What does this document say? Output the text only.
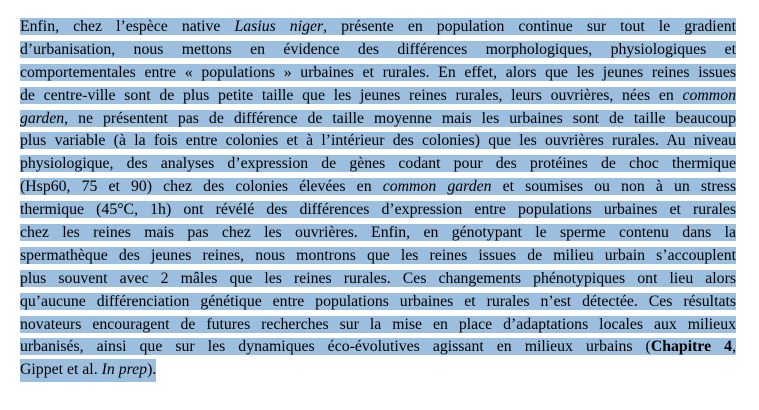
Enfin, chez l’espèce native Lasius niger, présente en population continue sur tout le gradient
d’urbanisation, nous mettons en évidence des différences morphologiques, physiologiques et
comportementales entre « populations » urbaines et rurales. En effet, alors que les jeunes reines issues
de centre-ville sont de plus petite taille que les jeunes reines rurales, leurs ouvrières, nées en common
garden, ne présentent pas de différence de taille moyenne mais les urbaines sont de taille beaucoup
plus variable (à la fois entre colonies et à l’intérieur des colonies) que les ouvrières rurales. Au niveau
physiologique, des analyses d’expression de gènes codant pour des protéines de choc thermique
(Hsp60, 75 et 90) chez des colonies élevées en common garden et soumises ou non à un stress
thermique (45°C, 1h) ont révélé des différences d’expression entre populations urbaines et rurales
chez les reines mais pas chez les ouvrières. Enfin, en génotypant le sperme contenu dans la
spermathèque des jeunes reines, nous montrons que les reines issues de milieu urbain s’accouplent
plus souvent avec 2 mâles que les reines rurales. Ces changements phénotypiques ont lieu alors
qu’aucune différenciation génétique entre populations urbaines et rurales n’est détectée. Ces résultats
novateurs encouragent de futures recherches sur la mise en place d’adaptations locales aux milieux
urbanisés, ainsi que sur les dynamiques éco-évolutives agissant en milieux urbains (Chapitre 4,
Gippet et al. In prep).
